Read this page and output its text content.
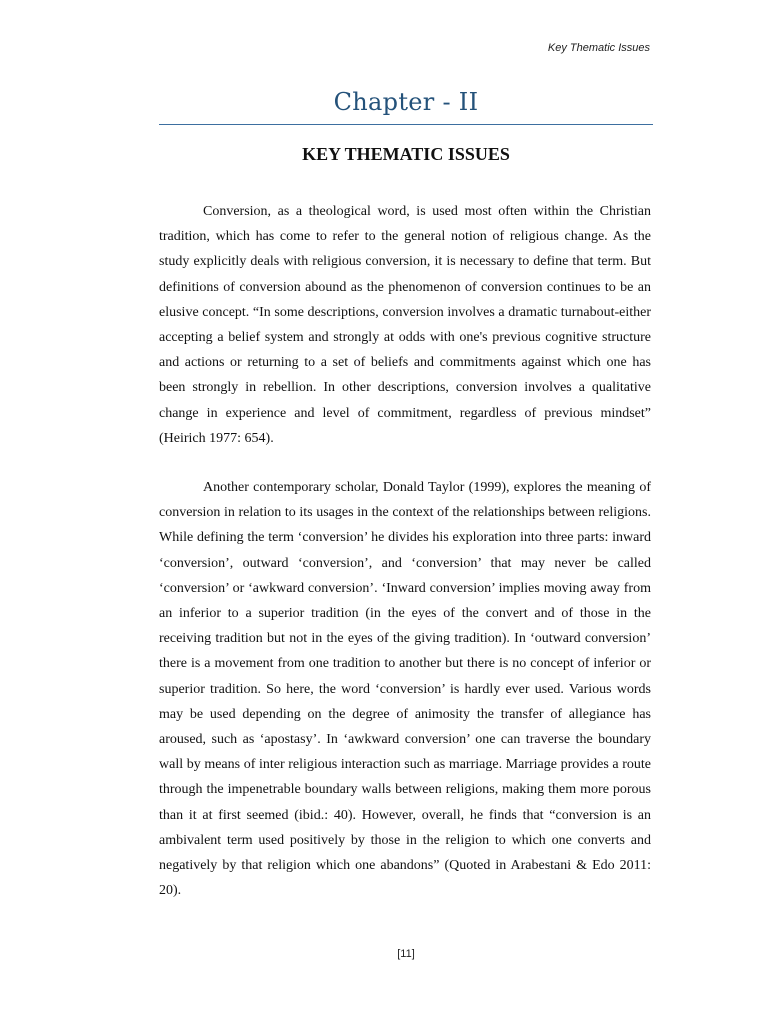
Key Thematic Issues
Chapter - II
KEY THEMATIC ISSUES

Conversion, as a theological word, is used most often within the Christian tradition, which has come to refer to the general notion of religious change. As the study explicitly deals with religious conversion, it is necessary to define that term. But definitions of conversion abound as the phenomenon of conversion continues to be an elusive concept. “In some descriptions, conversion involves a dramatic turnabout-either accepting a belief system and strongly at odds with one's previous cognitive structure and actions or returning to a set of beliefs and commitments against which one has been strongly in rebellion. In other descriptions, conversion involves a qualitative change in experience and level of commitment, regardless of previous mindset” (Heirich 1977: 654).

Another contemporary scholar, Donald Taylor (1999), explores the meaning of conversion in relation to its usages in the context of the relationships between religions. While defining the term ‘conversion’ he divides his exploration into three parts: inward ‘conversion’, outward ‘conversion’, and ‘conversion’ that may never be called ‘conversion’ or ‘awkward conversion’. ‘Inward conversion’ implies moving away from an inferior to a superior tradition (in the eyes of the convert and of those in the receiving tradition but not in the eyes of the giving tradition). In ‘outward conversion’ there is a movement from one tradition to another but there is no concept of inferior or superior tradition. So here, the word ‘conversion’ is hardly ever used. Various words may be used depending on the degree of animosity the transfer of allegiance has aroused, such as ‘apostasy’. In ‘awkward conversion’ one can traverse the boundary wall by means of inter religious interaction such as marriage. Marriage provides a route through the impenetrable boundary walls between religions, making them more porous than it at first seemed (ibid.: 40). However, overall, he finds that “conversion is an ambivalent term used positively by those in the religion to which one converts and negatively by that religion which one abandons” (Quoted in Arabestani & Edo 2011: 20).

[11]
